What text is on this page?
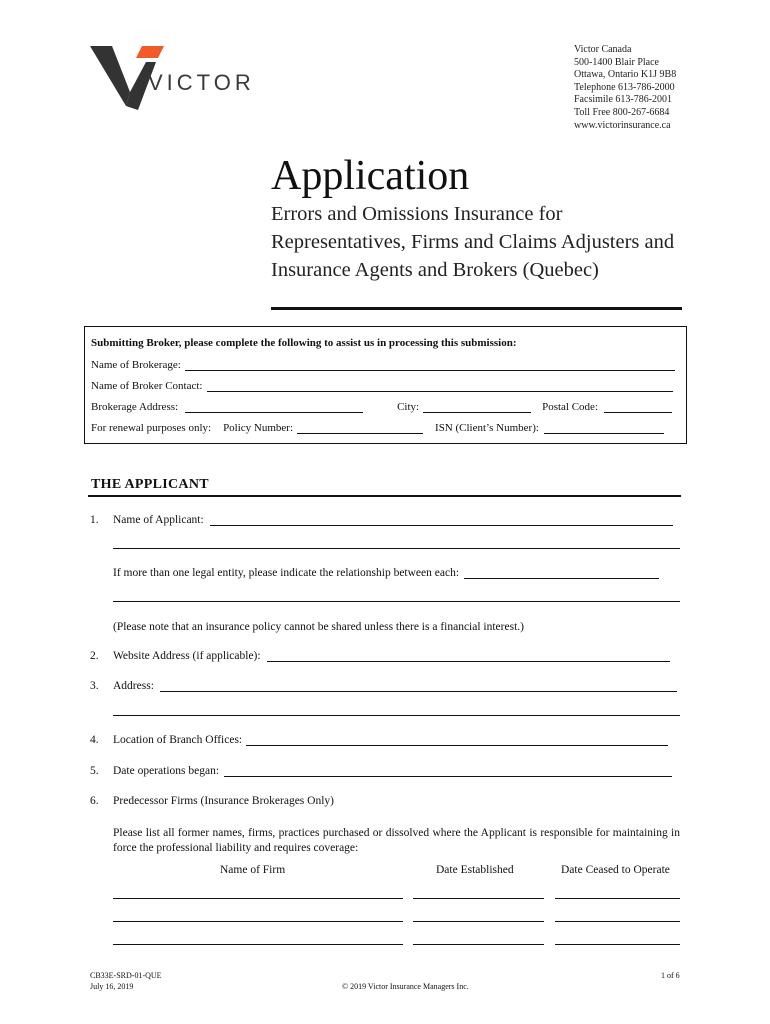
VICTOR
Victor Canada
500-1400 Blair Place
Ottawa, Ontario K1J 9B8
Telephone 613-786-2000
Facsimile 613-786-2001
Toll Free 800-267-6684
www.victorinsurance.ca
Application
Errors and Omissions Insurance for Representatives, Firms and Claims Adjusters and Insurance Agents and Brokers (Quebec)
Submitting Broker, please complete the following to assist us in processing this submission:
Name of Brokerage:
Name of Broker Contact:
Brokerage Address:	City:	Postal Code:
For renewal purposes only: Policy Number:	ISN (Client’s Number):
THE APPLICANT
1. Name of Applicant:
If more than one legal entity, please indicate the relationship between each:
(Please note that an insurance policy cannot be shared unless there is a financial interest.)
2. Website Address (if applicable):
3. Address:
4. Location of Branch Offices:
5. Date operations began:
6. Predecessor Firms (Insurance Brokerages Only)
Please list all former names, firms, practices purchased or dissolved where the Applicant is responsible for maintaining in force the professional liability and requires coverage:
Name of Firm	Date Established	Date Ceased to Operate
CB33E-SRD-01-QUE
July 16, 2019	© 2019 Victor Insurance Managers Inc.
1 of 6
